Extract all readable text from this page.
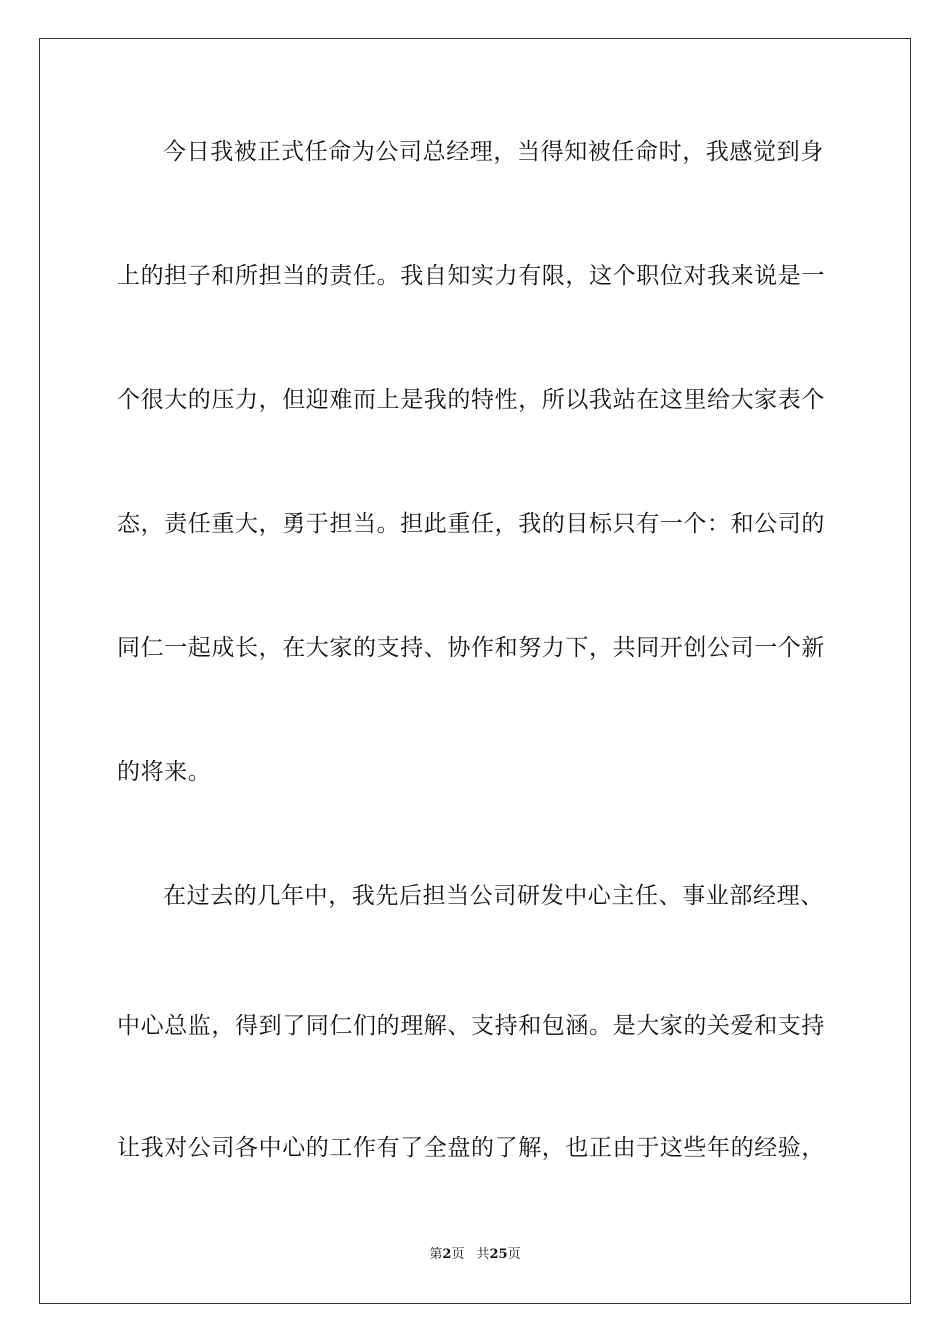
今日我被正式任命为公司总经理，当得知被任命时，我感觉到身
上的担子和所担当的责任。我自知实力有限，这个职位对我来说是一
个很大的压力，但迎难而上是我的特性，所以我站在这里给大家表个
态，责任重大，勇于担当。担此重任，我的目标只有一个：和公司的
同仁一起成长，在大家的支持、协作和努力下，共同开创公司一个新
的将来。
在过去的几年中，我先后担当公司研发中心主任、事业部经理、
中心总监，得到了同仁们的理解、支持和包涵。是大家的关爱和支持
让我对公司各中心的工作有了全盘的了解，也正由于这些年的经验，
第2页 共25页
